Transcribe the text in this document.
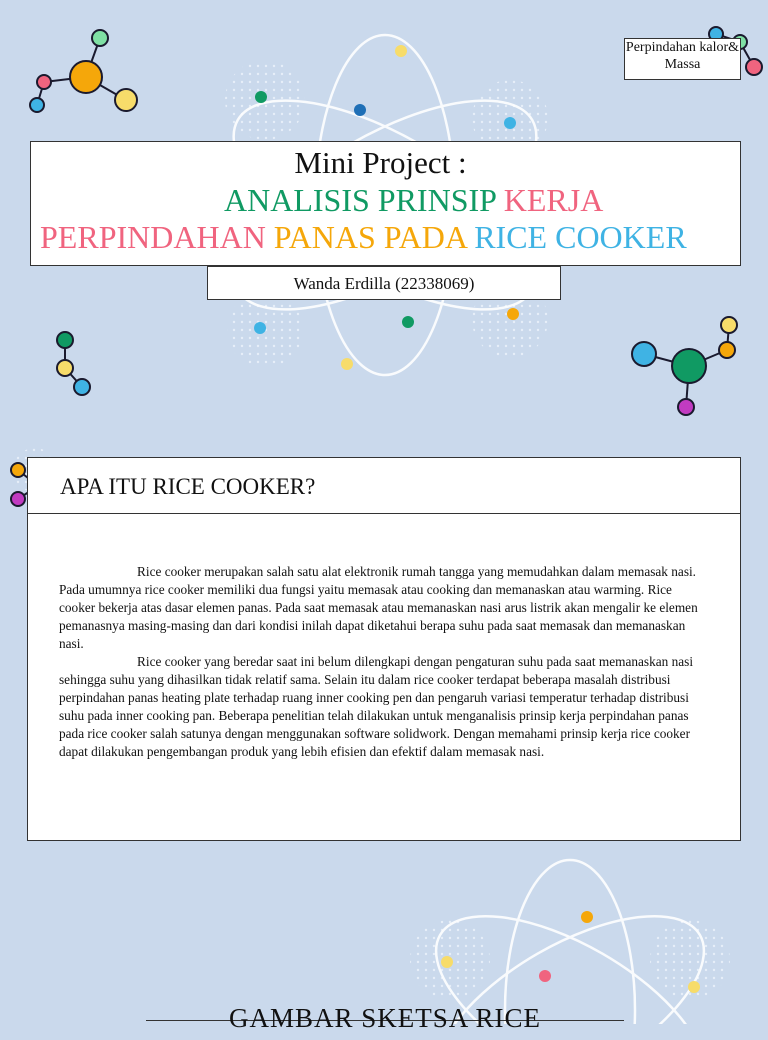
Perpindahan kalor&Massa
Mini Project :
ANALISIS PRINSIP KERJA
PERPINDAHAN PANAS PADA RICE COOKER
Wanda Erdilla (22338069)
APA ITU RICE COOKER?

Rice cooker merupakan salah satu alat elektronik rumah tangga yang memudahkan dalam memasak nasi. Pada umumnya rice cooker memiliki dua fungsi yaitu memasak atau cooking dan memanaskan atau warming. Rice cooker bekerja atas dasar elemen panas. Pada saat memasak atau memanaskan nasi arus listrik akan mengalir ke elemen pemanasnya masing-masing dan dari kondisi inilah dapat diketahui berapa suhu pada saat memasak dan memanaskan nasi.

Rice cooker yang beredar saat ini belum dilengkapi dengan pengaturan suhu pada saat memanaskan nasi sehingga suhu yang dihasilkan tidak relatif sama. Selain itu dalam rice cooker terdapat beberapa masalah distribusi perpindahan panas heating plate terhadap ruang inner cooking pen dan pengaruh variasi temperatur terhadap distribusi suhu pada inner cooking pan. Beberapa penelitian telah dilakukan untuk menganalisis prinsip kerja perpindahan panas pada rice cooker salah satunya dengan menggunakan software solidwork. Dengan memahami prinsip kerja rice cooker dapat dilakukan pengembangan produk yang lebih efisien dan efektif dalam memasak nasi.

GAMBAR SKETSA RICE
